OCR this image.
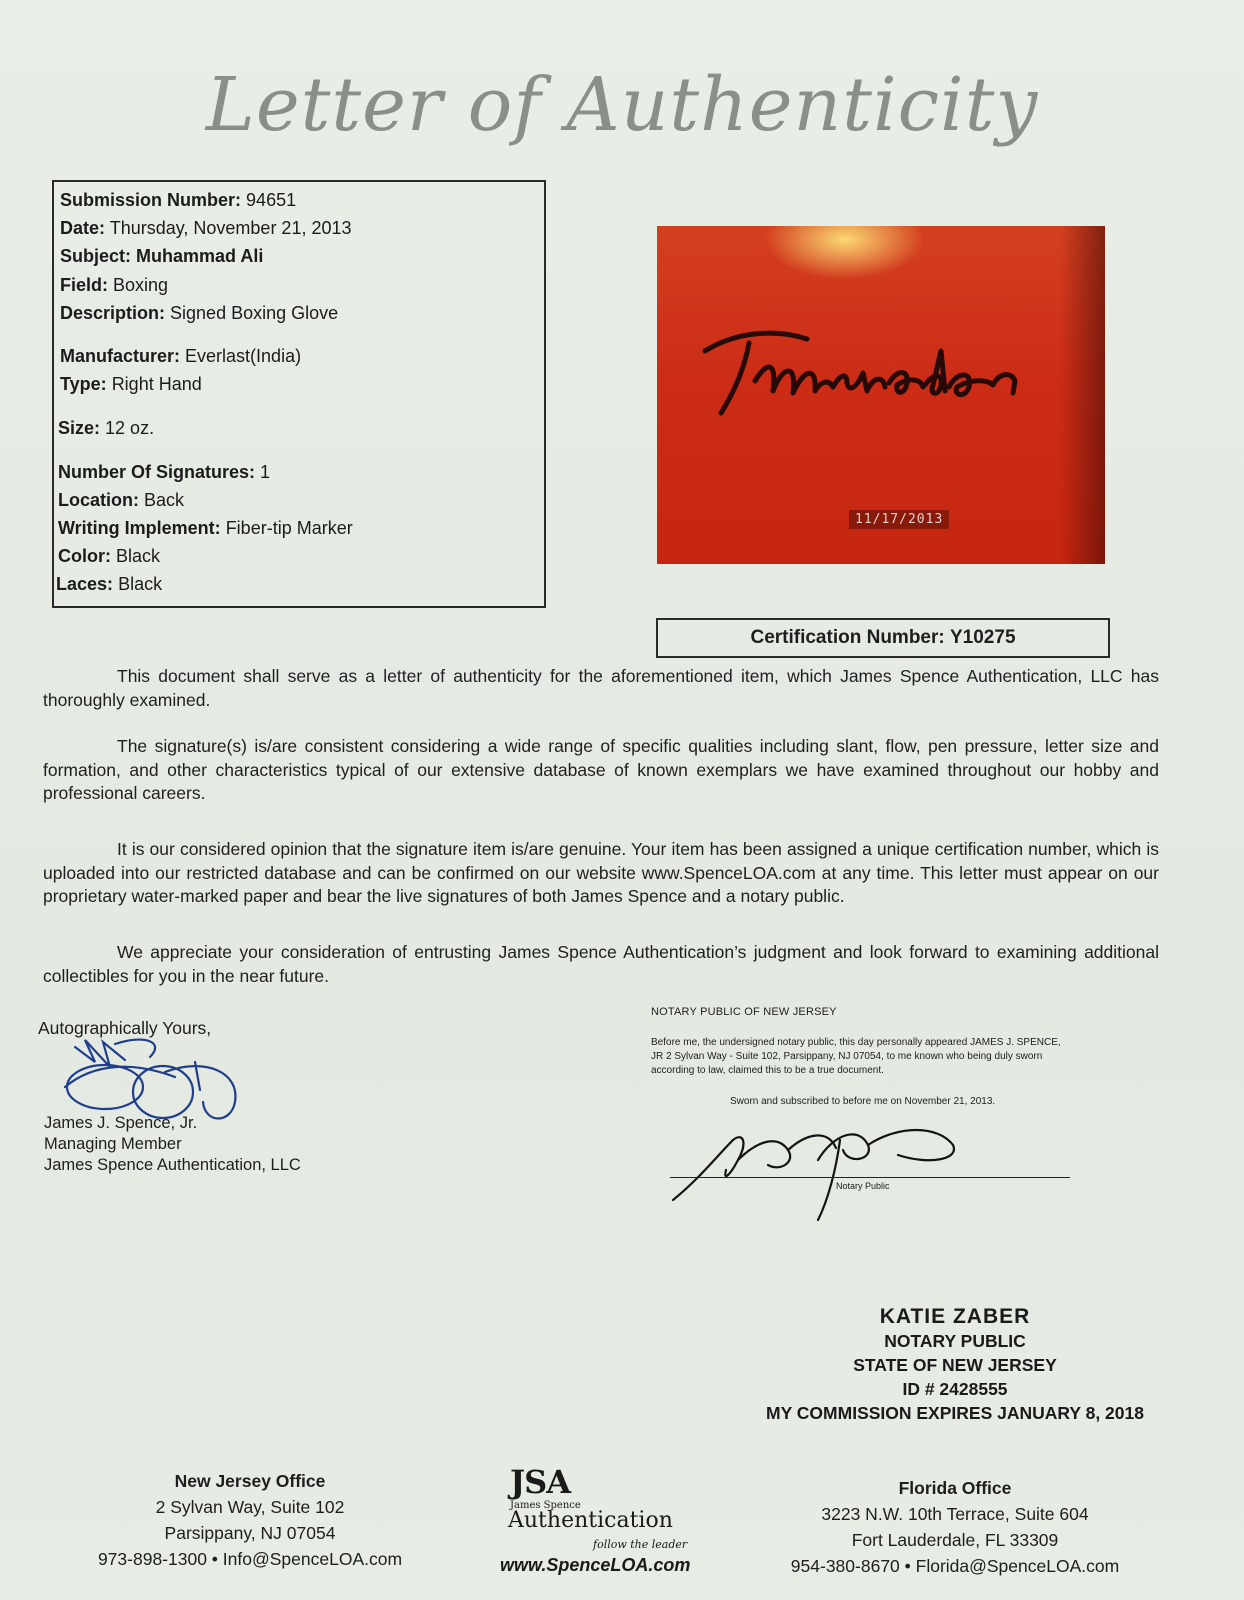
Letter of Authenticity
Submission Number: 94651
Date: Thursday, November 21, 2013
Subject: Muhammad Ali
Field: Boxing
Description: Signed Boxing Glove
Manufacturer: Everlast(India)
Type: Right Hand
Size: 12 oz.
Number Of Signatures: 1
Location: Back
Writing Implement: Fiber-tip Marker
Color: Black
Laces: Black
11/17/2013
Certification Number:
Y10275

This document shall serve as a letter of authenticity for the aforementioned item, which James Spence Authentication, LLC has thoroughly examined.

The signature(s) is/are consistent considering a wide range of specific qualities including slant, flow, pen pressure, letter size and formation, and other characteristics typical of our extensive database of known exemplars we have examined throughout our hobby and professional careers.

It is our considered opinion that the signature item is/are genuine. Your item has been assigned a unique certification number, which is uploaded into our restricted database and can be confirmed on our website www.SpenceLOA.com at any time. This letter must appear on our proprietary water-marked paper and bear the live signatures of both James Spence and a notary public.

We appreciate your consideration of entrusting James Spence Authentication’s judgment and look forward to examining additional collectibles for you in the near future.

Autographically Yours,
James J. Spence, Jr.
Managing Member
James Spence Authentication, LLC
NOTARY PUBLIC OF NEW JERSEY
Before me, the undersigned notary public, this day personally appeared JAMES J. SPENCE, JR 2 Sylvan Way - Suite 102, Parsippany, NJ 07054, to me known who being duly sworn according to law, claimed this to be a true document.
Sworn and subscribed to before me on November 21, 2013.
Notary Public
KATIE ZABER
NOTARY PUBLIC
STATE OF NEW JERSEY
ID # 2428555
MY COMMISSION EXPIRES JANUARY 8, 2018
New Jersey Office
2 Sylvan Way, Suite 102
Parsippany, NJ 07054
973-898-1300 • Info@SpenceLOA.com
JSA
James Spence
Authentication
follow the leader
www.SpenceLOA.com
Florida Office
3223 N.W. 10th Terrace, Suite 604
Fort Lauderdale, FL 33309
954-380-8670 • Florida@SpenceLOA.com
